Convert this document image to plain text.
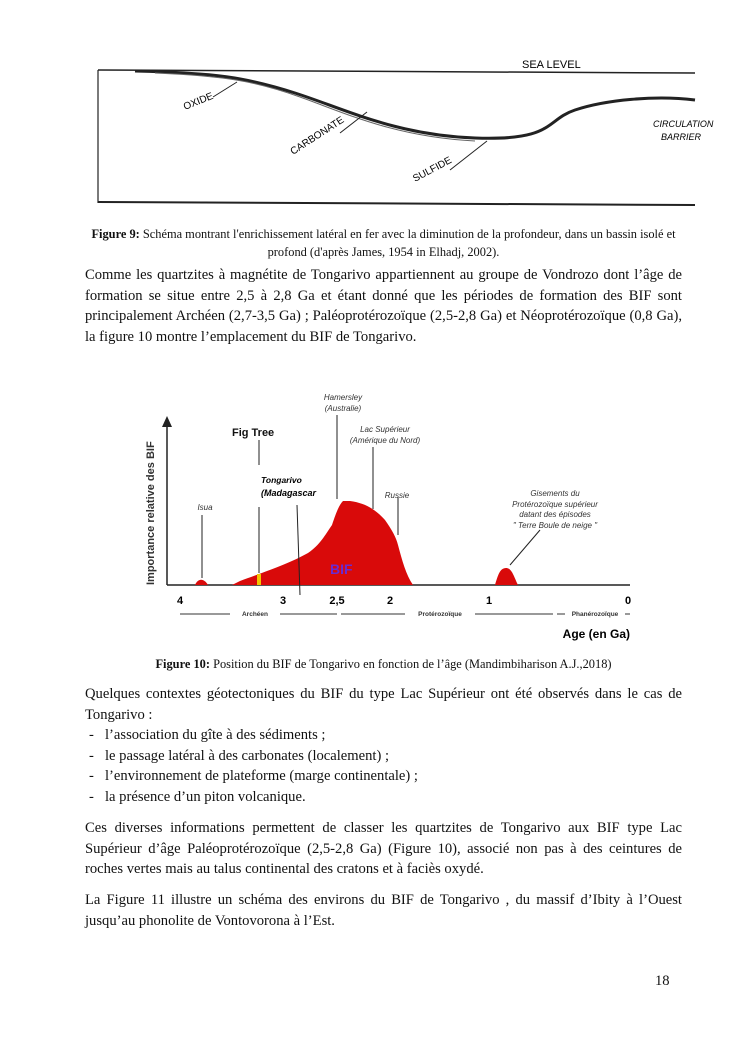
SEA LEVEL
OXIDE
CARBONATE
SULFIDE
CIRCULATION
BARRIER
Figure 9: Schéma montrant l'enrichissement latéral en fer avec la diminution de la profondeur, dans un bassin isolé et profond (d'après James, 1954 in Elhadj, 2002).
Comme les quartzites à magnétite de Tongarivo appartiennent au groupe de Vondrozo dont l’âge de formation se situe entre 2,5 à 2,8 Ga et étant donné que les périodes de formation des BIF sont principalement Archéen (2,7-3,5 Ga) ; Paléoprotérozoïque (2,5-2,8 Ga) et Néoprotérozoïque (0,8 Ga), la figure 10 montre l’emplacement du BIF de Tongarivo.
Importance relative des BIF	BIF
Hamersley
(Australie)
Lac Supérieur
(Amérique du Nord)
Isua
Russie	Gisements du
Protérozoïque supérieur
datant des épisodes
" Terre Boule de neige "
Fig Tree
Tongarivo
(Madagascar
4	3	2,5	2	1	0
Archéen	Protérozoïque	Phanérozoïque
Age (en Ga)
Figure 10: Position du BIF de Tongarivo en fonction de l’âge (Mandimbiharison A.J.,2018)
Quelques contextes géotectoniques du BIF du type Lac Supérieur ont été observés dans le cas de Tongarivo :
- l’association du gîte à des sédiments ;
- le passage latéral à des carbonates (localement) ;
- l’environnement de plateforme (marge continentale) ;
- la présence d’un piton volcanique.
Ces diverses informations permettent de classer les quartzites de Tongarivo aux BIF type Lac Supérieur d’âge Paléoprotérozoïque (2,5-2,8 Ga) (Figure 10), associé non pas à des ceintures de roches vertes mais au talus continental des cratons et à faciès oxydé.
La Figure 11 illustre un schéma des environs du BIF de Tongarivo , du massif d’Ibity à l’Ouest jusqu’au phonolite de Vontovorona à l’Est.
18
